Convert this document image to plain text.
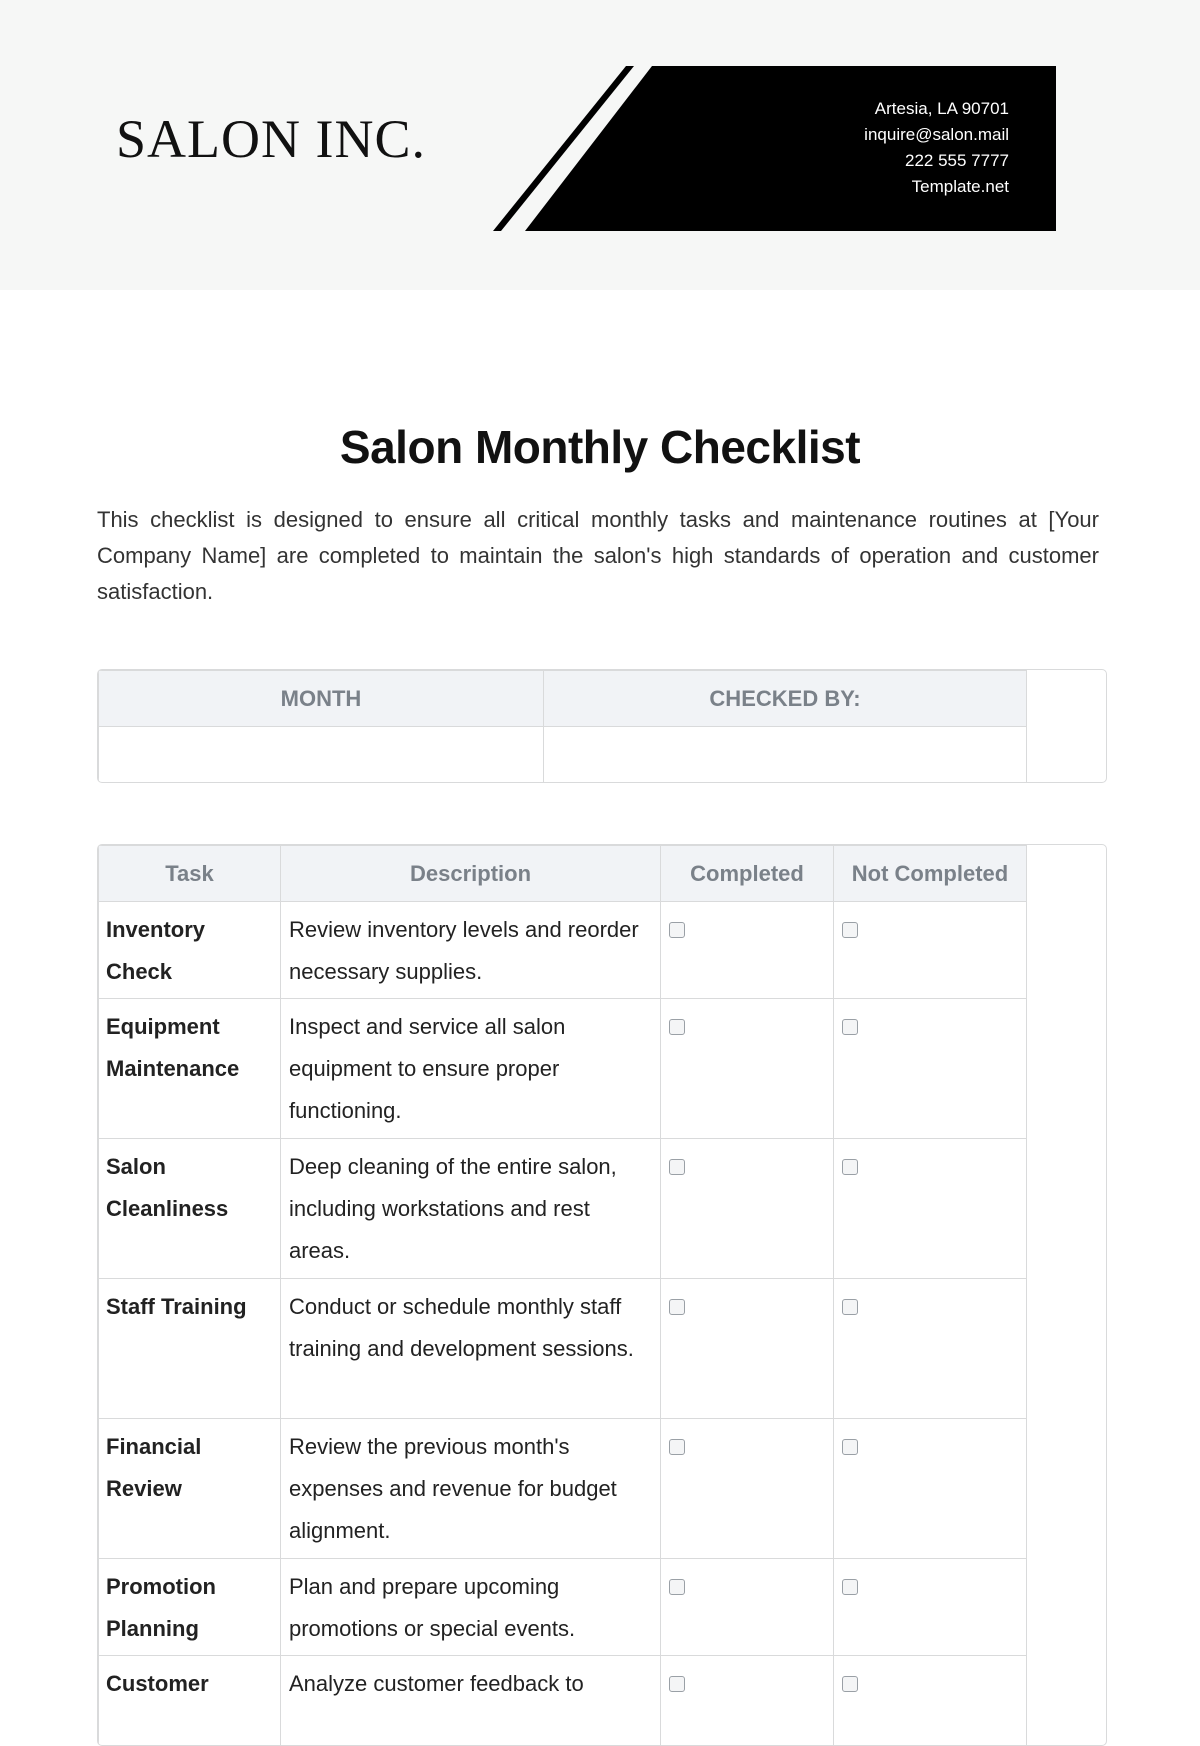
SALON INC.
Artesia, LA 90701
inquire@salon.mail
222 555 7777
Template.net
Salon Monthly Checklist
This checklist is designed to ensure all critical monthly tasks and maintenance routines at [Your Company Name] are completed to maintain the salon's high standards of operation and customer satisfaction.
MONTH	CHECKED BY:

Task	Description	Completed	Not Completed
Inventory Check	Review inventory levels and reorder necessary supplies.	

Equipment Maintenance	Inspect and service all salon equipment to ensure proper functioning.	

Salon Cleanliness	Deep cleaning of the entire salon, including workstations and rest areas.	

Staff Training	Conduct or schedule monthly staff training and development sessions.	

Financial Review	Review the previous month's expenses and revenue for budget alignment.	

Promotion Planning	Plan and prepare upcoming promotions or special events.	

Customer	Analyze customer feedback to	
